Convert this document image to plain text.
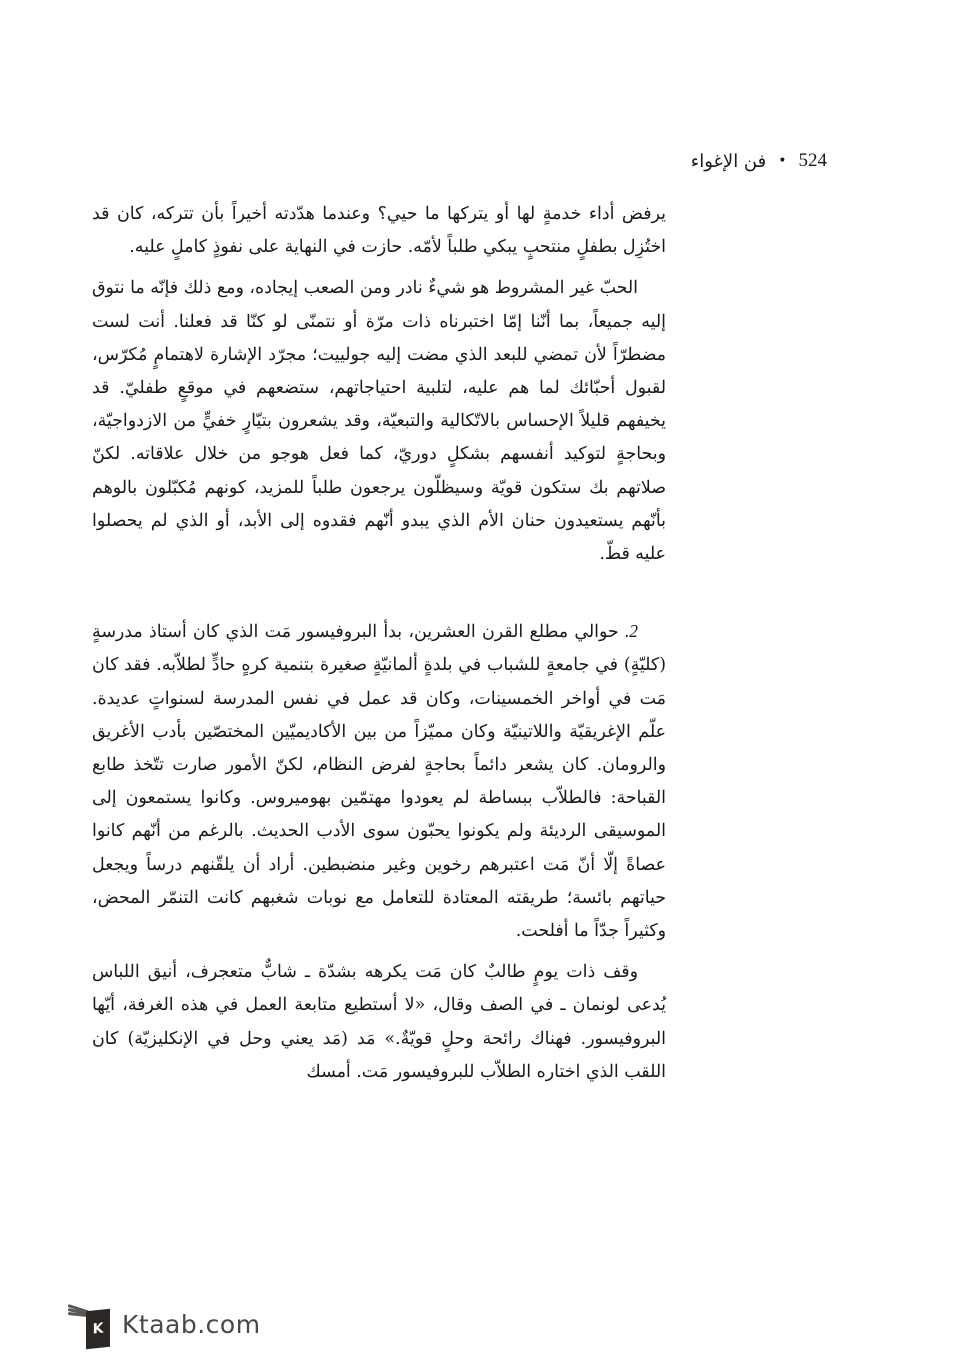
524
•
فن الإغواء

يرفض أداء خدمةٍ لها أو يتركها ما حيي؟ وعندما هدّدته أخيراً بأن تتركه، كان قد اختُزِل بطفلٍ منتحبٍ يبكي طلباً لأمّه. حازت في النهاية على نفوذٍ كاملٍ عليه.

الحبّ غير المشروط هو شيءٌ نادر ومن الصعب إيجاده، ومع ذلك فإنّه ما نتوق إليه جميعاً، بما أنّنا إمّا اختبرناه ذات مرّة أو نتمنّى لو كنّا قد فعلنا. أنت لست مضطرّاً لأن تمضي للبعد الذي مضت إليه جولييت؛ مجرّد الإشارة لاهتمامٍ مُكرّس، لقبول أحبّائك لما هم عليه، لتلبية احتياجاتهم، ستضعهم في موقعٍ طفليّ. قد يخيفهم قليلاً الإحساس بالاتّكالية والتبعيّة، وقد يشعرون بتيّارٍ خفيٍّ من الازدواجيّة، وبحاجةٍ لتوكيد أنفسهم بشكلٍ دوريّ، كما فعل هوجو من خلال علاقاته. لكنّ صلاتهم بك ستكون قويّة وسيظلّون يرجعون طلباً للمزيد، كونهم مُكبّلون بالوهم بأنّهم يستعيدون حنان الأم الذي يبدو أنّهم فقدوه إلى الأبد، أو الذي لم يحصلوا عليه قطّ.

2. حوالي مطلع القرن العشرين، بدأ البروفيسور مَت الذي كان أستاذ مدرسةٍ (كليّةٍ) في جامعةٍ للشباب في بلدةٍ ألمانيّةٍ صغيرة بتنمية كرهٍ حادٍّ لطلاّبه. فقد كان مَت في أواخر الخمسينات، وكان قد عمل في نفس المدرسة لسنواتٍ عديدة. علّم الإغريقيّة واللاتينيّة وكان مميّزاً من بين الأكاديميّين المختصّين بأدب الأغريق والرومان. كان يشعر دائماً بحاجةٍ لفرض النظام، لكنّ الأمور صارت تتّخذ طابع القباحة: فالطلاّب ببساطة لم يعودوا مهتمّين بهوميروس. وكانوا يستمعون إلى الموسيقى الرديئة ولم يكونوا يحبّون سوى الأدب الحديث. بالرغم من أنّهم كانوا عصاةً إلّا أنّ مَت اعتبرهم رخوين وغير منضبطين. أراد أن يلقّنهم درساً ويجعل حياتهم بائسة؛ طريقته المعتادة للتعامل مع نوبات شغبهم كانت التنمّر المحض، وكثيراً جدّاً ما أفلحت.

وقف ذات يومٍ طالبٌ كان مَت يكرهه بشدّة ـ شابٌّ متعجرف، أنيق اللباس يُدعى لونمان ـ في الصف وقال، «لا أستطيع متابعة العمل في هذه الغرفة، أيّها البروفيسور. فهناك رائحة وحلٍ قويّةٌ.» مَد (مَد يعني وحل في الإنكليزيّة) كان اللقب الذي اختاره الطلاّب للبروفيسور مَت. أمسك

K Ktaab.com
